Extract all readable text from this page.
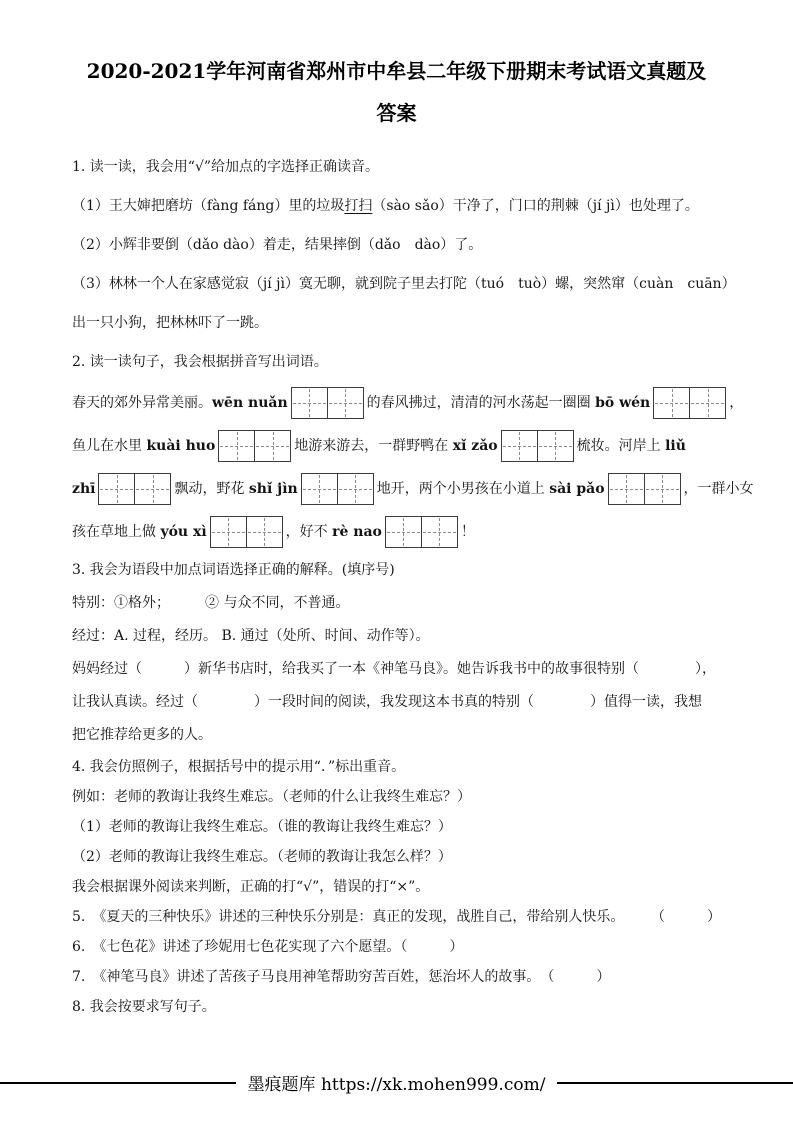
2020-2021学年河南省郑州市中牟县二年级下册期末考试语文真题及
答案
1. 读一读，我会用“√”给加点的字选择正确读音。
（1）王大婶把磨坊（fàng fáng）里的垃圾打扫（sào sǎo）干净了，门口的荆棘（jí jì）也处理了。
（2）小辉非要倒（dǎo dào）着走，结果摔倒（dǎo　dào）了。
（3）林林一个人在家感觉寂（jí jì）寞无聊，就到院子里去打陀（tuó　tuò）螺，突然窜（cuàn　cuān）
出一只小狗，把林林吓了一跳。
2. 读一读句子，我会根据拼音写出词语。
春天的郊外异常美丽。wēn nuǎn	的春风拂过，清清的河水荡起一圈圈 bō wén	，
鱼儿在水里 kuài huo	地游来游去，一群野鸭在 xǐ zǎo	梳妆。河岸上 liǔ
zhī	飘动，野花 shǐ jìn	地开，两个小男孩在小道上 sài pǎo	，一群小女
孩在草地上做 yóu xì	，好不 rè nao	！
3. 我会为语段中加点词语选择正确的解释。(填序号)
特别：①格外；　　　② 与众不同，不普通。
经过：A. 过程，经历。 B. 通过（处所、时间、动作等）。
妈妈经过（　　　）新华书店时，给我买了一本《神笔马良》。她告诉我书中的故事很特别（　　　　），
让我认真读。经过（　　　　）一段时间的阅读，我发现这本书真的特别（　　　　）值得一读，我想
把它推荐给更多的人。
4. 我会仿照例子，根据括号中的提示用“．”标出重音。
例如：老师的教诲让我终生难忘。（老师的什么让我终生难忘？）
（1）老师的教诲让我终生难忘。（谁的教诲让我终生难忘？）
（2）老师的教诲让我终生难忘。（老师的教诲让我怎么样？）
我会根据课外阅读来判断，正确的打“√”，错误的打“×”。
5.　《夏天的三种快乐》讲述的三种快乐分别是：真正的发现，战胜自己，带给别人快乐。 （　　　）
6.　《七色花》讲述了珍妮用七色花实现了六个愿望。（　　　）
7.　《神笔马良》讲述了苦孩子马良用神笔帮助穷苦百姓，惩治坏人的故事。　（　　　）
8. 我会按要求写句子。
墨痕题库 https://xk.mohen999.com/
